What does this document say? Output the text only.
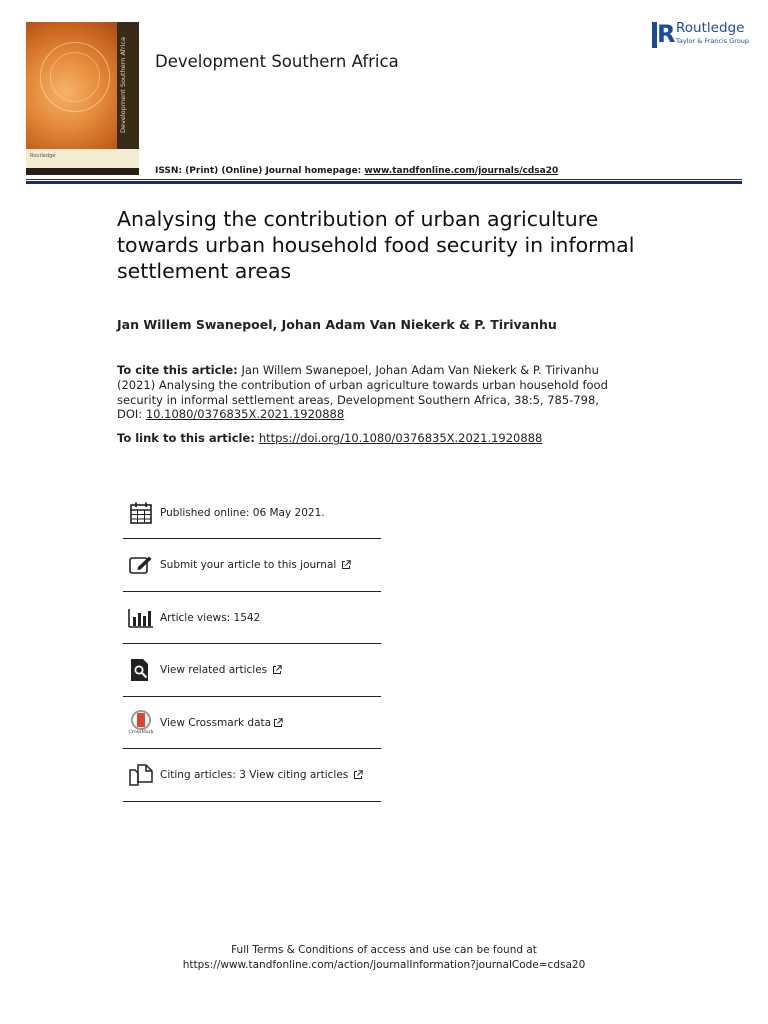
Development Southern Africa
Routledge
Development Southern Africa
R Routledge
Taylor & Francis Group
ISSN: (Print) (Online) Journal homepage: www.tandfonline.com/journals/cdsa20
Analysing the contribution of urban agriculture towards urban household food security in informal settlement areas
Jan Willem Swanepoel, Johan Adam Van Niekerk & P. Tirivanhu
To cite this article: Jan Willem Swanepoel, Johan Adam Van Niekerk & P. Tirivanhu (2021) Analysing the contribution of urban agriculture towards urban household food security in informal settlement areas, Development Southern Africa, 38:5, 785-798, DOI: 10.1080/0376835X.2021.1920888
To link to this article: https://doi.org/10.1080/0376835X.2021.1920888
Published online: 06 May 2021.
Submit your article to this journal
Article views: 1542
View related articles
CrossMark
View Crossmark data
Citing articles: 3 View citing articles
Full Terms & Conditions of access and use can be found at
https://www.tandfonline.com/action/journalInformation?journalCode=cdsa20
